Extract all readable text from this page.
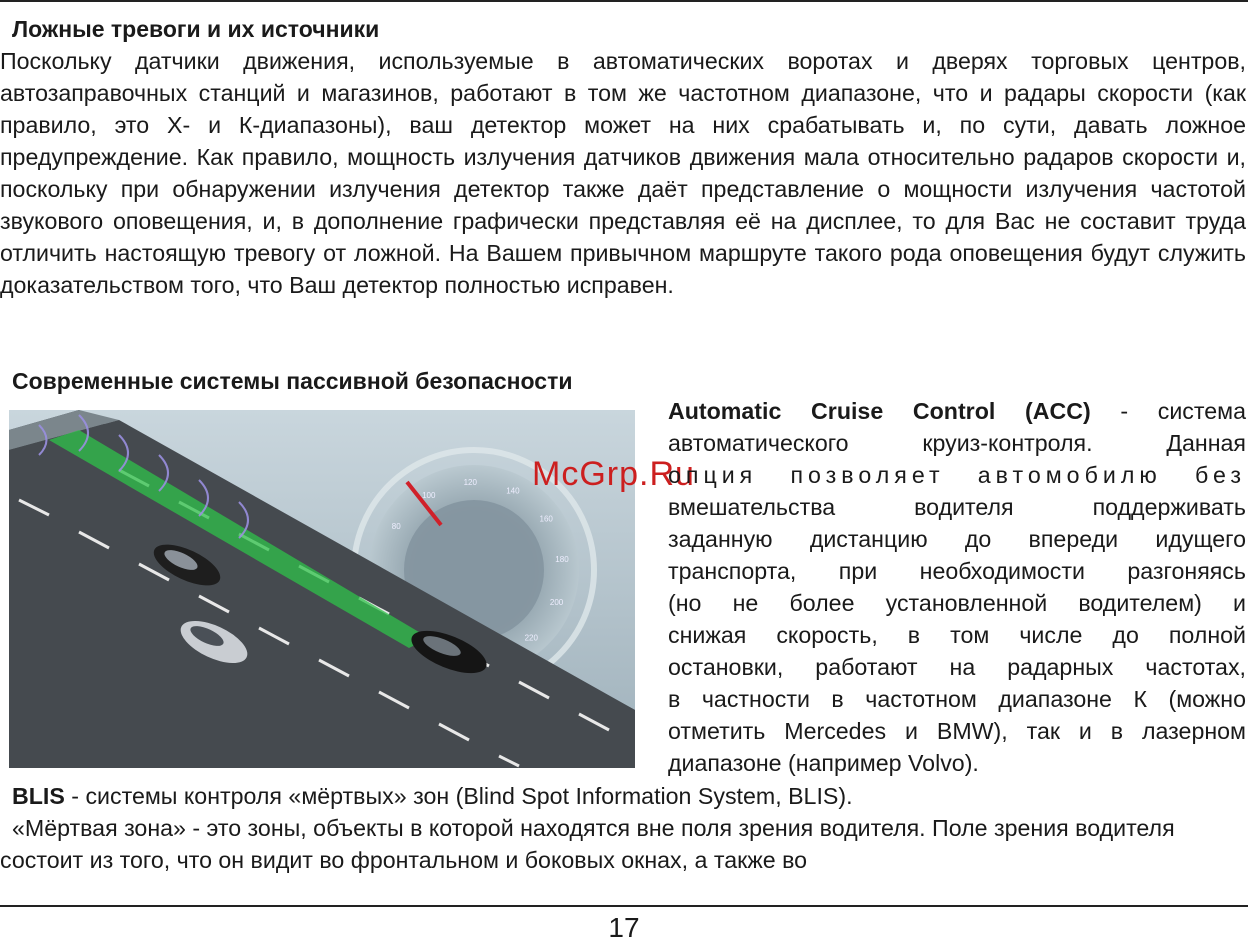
Ложные тревоги и их источники

Поскольку датчики движения, используемые в автоматических воротах и дверях торговых центров, автозаправочных станций и магазинов, работают в том же частотном диапазоне, что и радары скорости (как правило, это Х- и К-диапазоны), ваш детектор может на них срабатывать и, по сути, давать ложное предупреждение. Как правило, мощность излучения датчиков движения мала относительно радаров скорости и, поскольку при обнаружении излучения детектор также даёт представление о мощности излучения частотой звукового оповещения, и, в дополнение графически представляя её на дисплее, то для Вас не составит труда отличить настоящую тревогу от ложной. На Вашем привычном маршруте такого рода оповещения будут служить доказательством того, что Ваш детектор полностью исправен.

Современные системы пассивной безопасности
80
100
120
140
160
180
200
220
McGrp.Ru
Automatic Cruise Control (ACC) - система
автоматического круиз-контроля. Данная
опция позволяет автомобилю без
вмешательства водителя поддерживать
заданную дистанцию до впереди идущего
транспорта, при необходимости разгоняясь
(но не более установленной водителем) и
снижая скорость, в том числе до полной
остановки, работают на радарных частотах,
в частности в частотном диапазоне К (можно
отметить Mercedes и BMW), так и в лазерном
диапазоне (например Volvo).

BLIS - системы контроля «мёртвых» зон (Blind Spot Information System, BLIS).

«Мёртвая зона» - это зоны, объекты в которой находятся вне поля зрения водителя. Поле зрения водителя состоит из того, что он видит во фронтальном и боковых окнах, а также во

17
